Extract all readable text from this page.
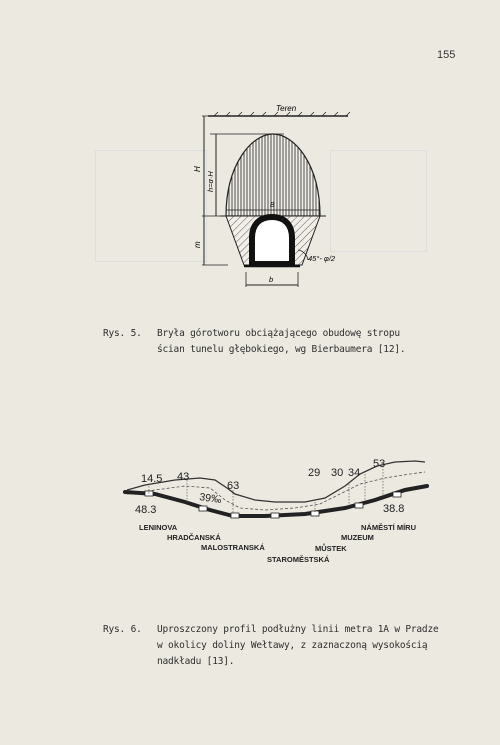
155
Teren
H
h=α·H
m
B
45°- φ/2
b
Rys. 5. Bryła górotworu obciążającego obudowę stropu
ścian tunelu głębokiego, wg Bierbaumera [12].
14.5 43
63
39‰
29 30 34
53
48.3	38.8
LENINOVA
HRADČANSKÁ
MALOSTRANSKÁ
STAROMĚSTSKÁ
MŮSTEK
MUZEUM
NÁMĚSTÍ MÍRU
Rys. 6. Uproszczony profil podłużny linii metra 1A w Pradze
w okolicy doliny Wełtawy, z zaznaczoną wysokością
nadkładu [13].
